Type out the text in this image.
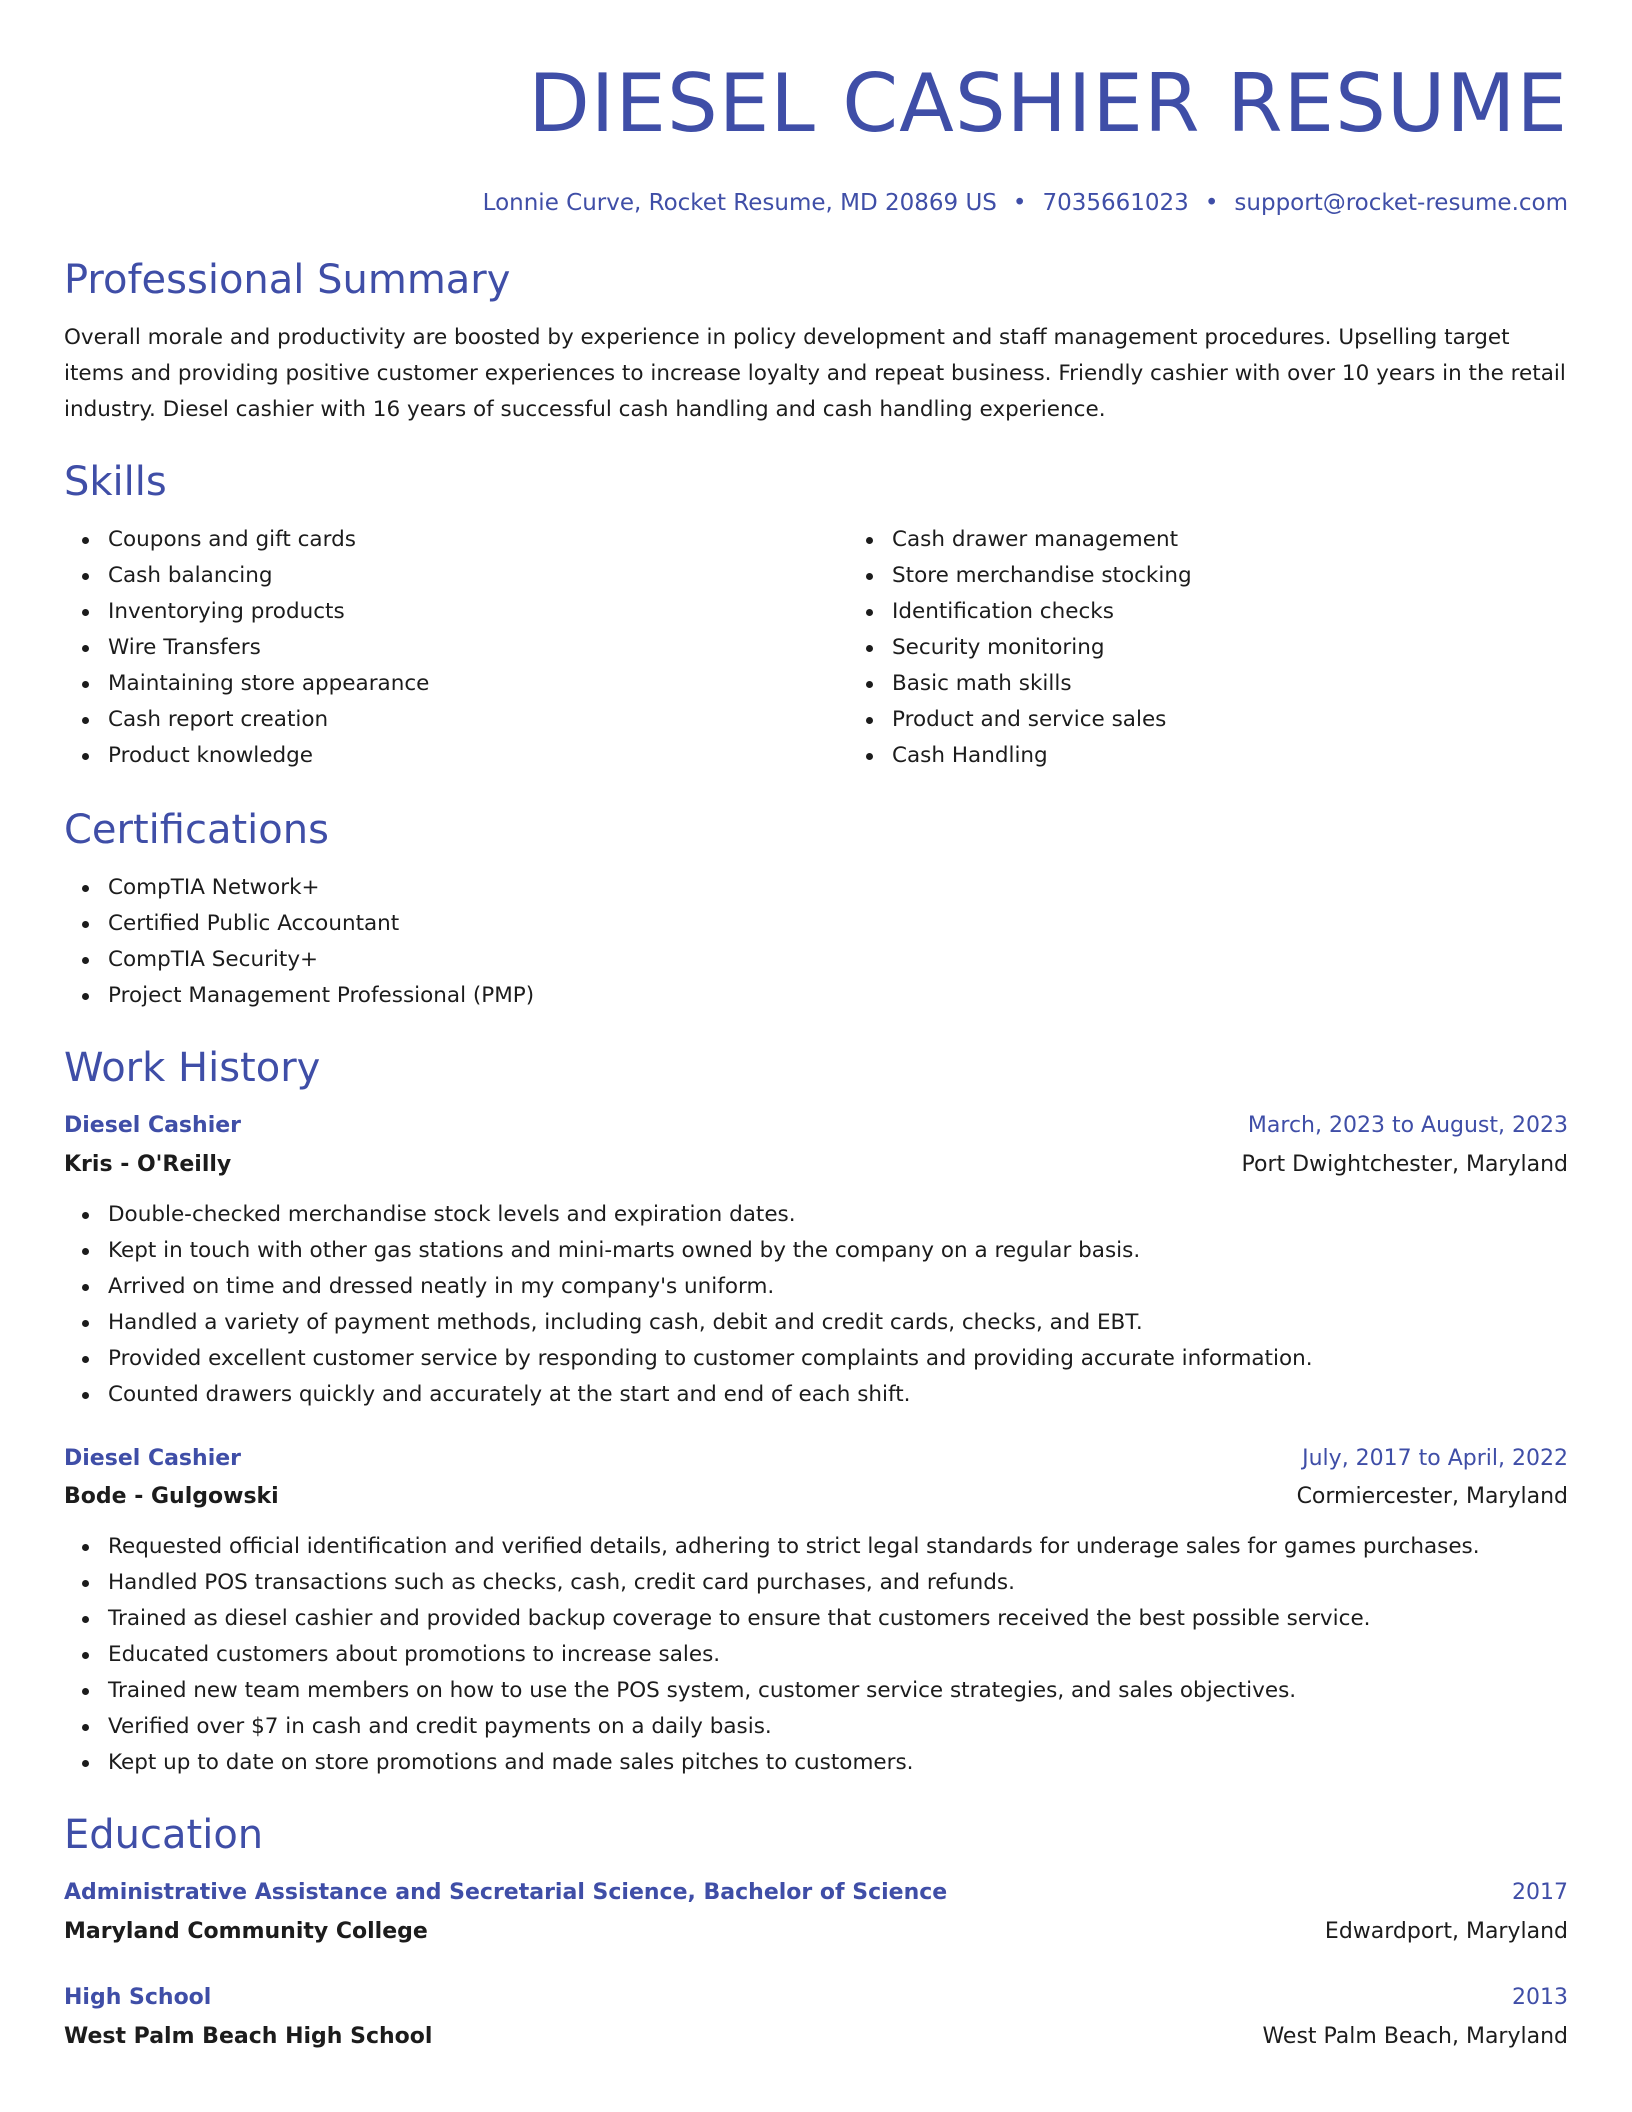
DIESEL CASHIER RESUME
Lonnie Curve, Rocket Resume, MD 20869 US • 7035661023 • support@rocket-resume.com
Professional Summary

Overall morale and productivity are boosted by experience in policy development and staff management procedures. Upselling target items and providing positive customer experiences to increase loyalty and repeat business. Friendly cashier with over 10 years in the retail industry. Diesel cashier with 16 years of successful cash handling and cash handling experience.

Skills
Coupons and gift cards
Cash balancing
Inventorying products
Wire Transfers
Maintaining store appearance
Cash report creation
Product knowledge
Cash drawer management
Store merchandise stocking
Identification checks
Security monitoring
Basic math skills
Product and service sales
Cash Handling
Certifications
CompTIA Network+
Certified Public Accountant
CompTIA Security+
Project Management Professional (PMP)
Work History
Diesel Cashier	March, 2023 to August, 2023
Kris - O'Reilly	Port Dwightchester, Maryland
Double-checked merchandise stock levels and expiration dates.
Kept in touch with other gas stations and mini-marts owned by the company on a regular basis.
Arrived on time and dressed neatly in my company's uniform.
Handled a variety of payment methods, including cash, debit and credit cards, checks, and EBT.
Provided excellent customer service by responding to customer complaints and providing accurate information.
Counted drawers quickly and accurately at the start and end of each shift.
Diesel Cashier	July, 2017 to April, 2022
Bode - Gulgowski	Cormiercester, Maryland
Requested official identification and verified details, adhering to strict legal standards for underage sales for games purchases.
Handled POS transactions such as checks, cash, credit card purchases, and refunds.
Trained as diesel cashier and provided backup coverage to ensure that customers received the best possible service.
Educated customers about promotions to increase sales.
Trained new team members on how to use the POS system, customer service strategies, and sales objectives.
Verified over $7 in cash and credit payments on a daily basis.
Kept up to date on store promotions and made sales pitches to customers.
Education
Administrative Assistance and Secretarial Science, Bachelor of Science	2017
Maryland Community College	Edwardport, Maryland
High School	2013
West Palm Beach High School	West Palm Beach, Maryland
